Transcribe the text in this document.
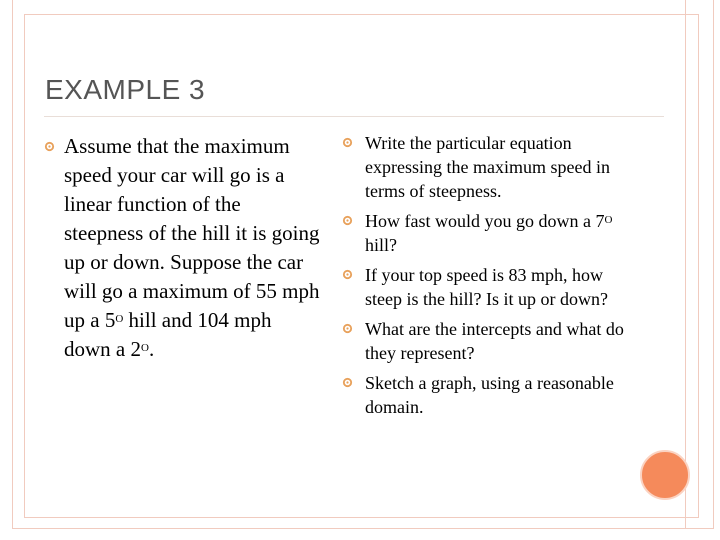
EXAMPLE 3
Assume that the maximum speed your car will go is a linear function of the steepness of the hill it is going up or down. Suppose the car will go a maximum of 55 mph up a $5^O$ hill and 104 mph down a $2^O$.
Write the particular equation expressing the maximum speed in terms of steepness.
How fast would you go down a $7^O$ hill?
If your top speed is 83 mph, how steep is the hill? Is it up or down?
What are the intercepts and what do they represent?
Sketch a graph, using a reasonable domain.
